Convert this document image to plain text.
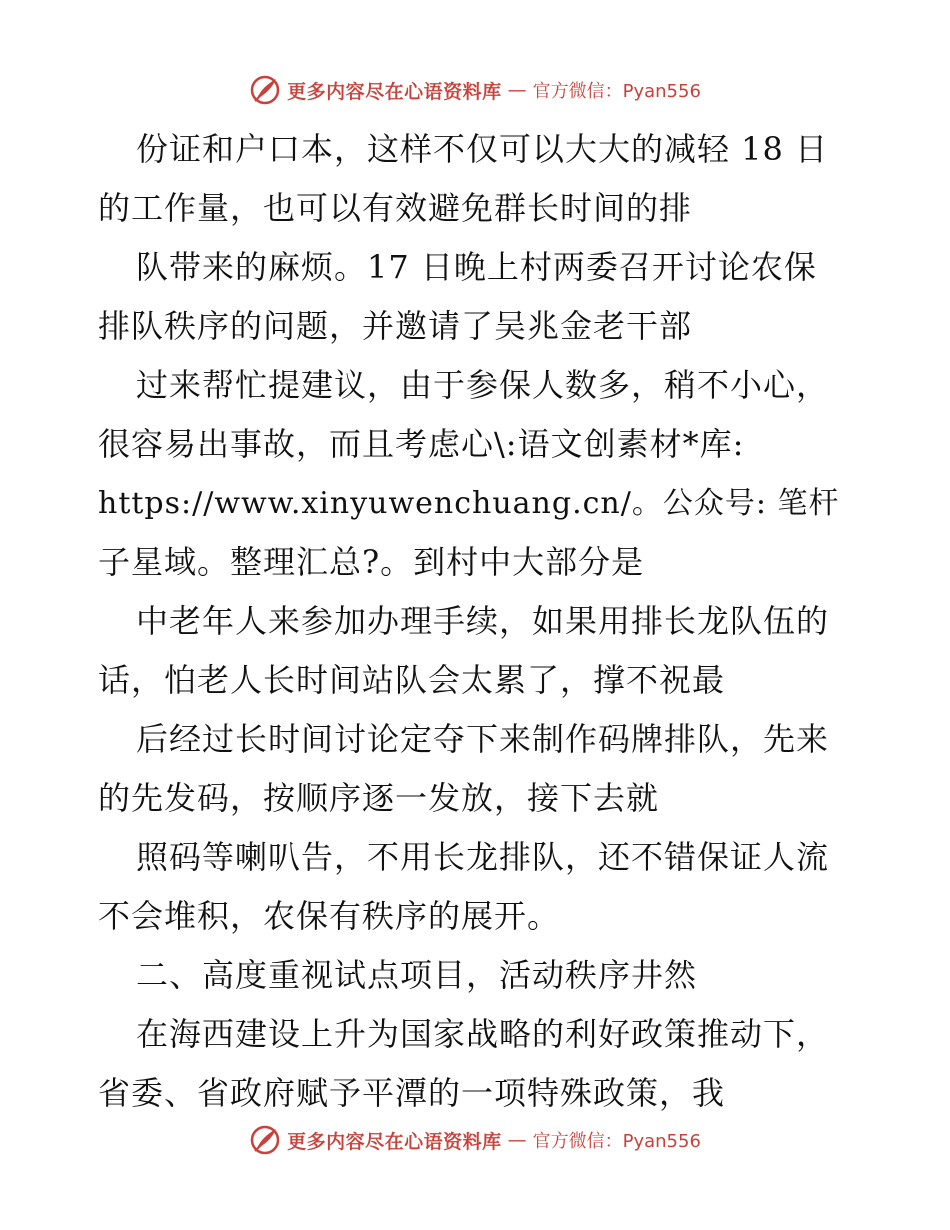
更多内容尽在心语资料库 — 官方微信：Pyan556
份证和户口本，这样不仅可以大大的减轻 18 日
的工作量，也可以有效避免群长时间的排
队带来的麻烦。17 日晚上村两委召开讨论农保
排队秩序的问题，并邀请了吴兆金老干部
过来帮忙提建议，由于参保人数多，稍不小心，
很容易出事故，而且考虑心\:语文创素材*库:
https://www.xinyuwenchuang.cn/。公众号: 笔杆
子星域。整理汇总?。到村中大部分是
中老年人来参加办理手续，如果用排长龙队伍的
话，怕老人长时间站队会太累了，撑不祝最
后经过长时间讨论定夺下来制作码牌排队，先来
的先发码，按顺序逐一发放，接下去就
照码等喇叭告，不用长龙排队，还不错保证人流
不会堆积，农保有秩序的展开。
二、高度重视试点项目，活动秩序井然
在海西建设上升为国家战略的利好政策推动下，
省委、省政府赋予平潭的一项特殊政策，我
更多内容尽在心语资料库 — 官方微信：Pyan556
